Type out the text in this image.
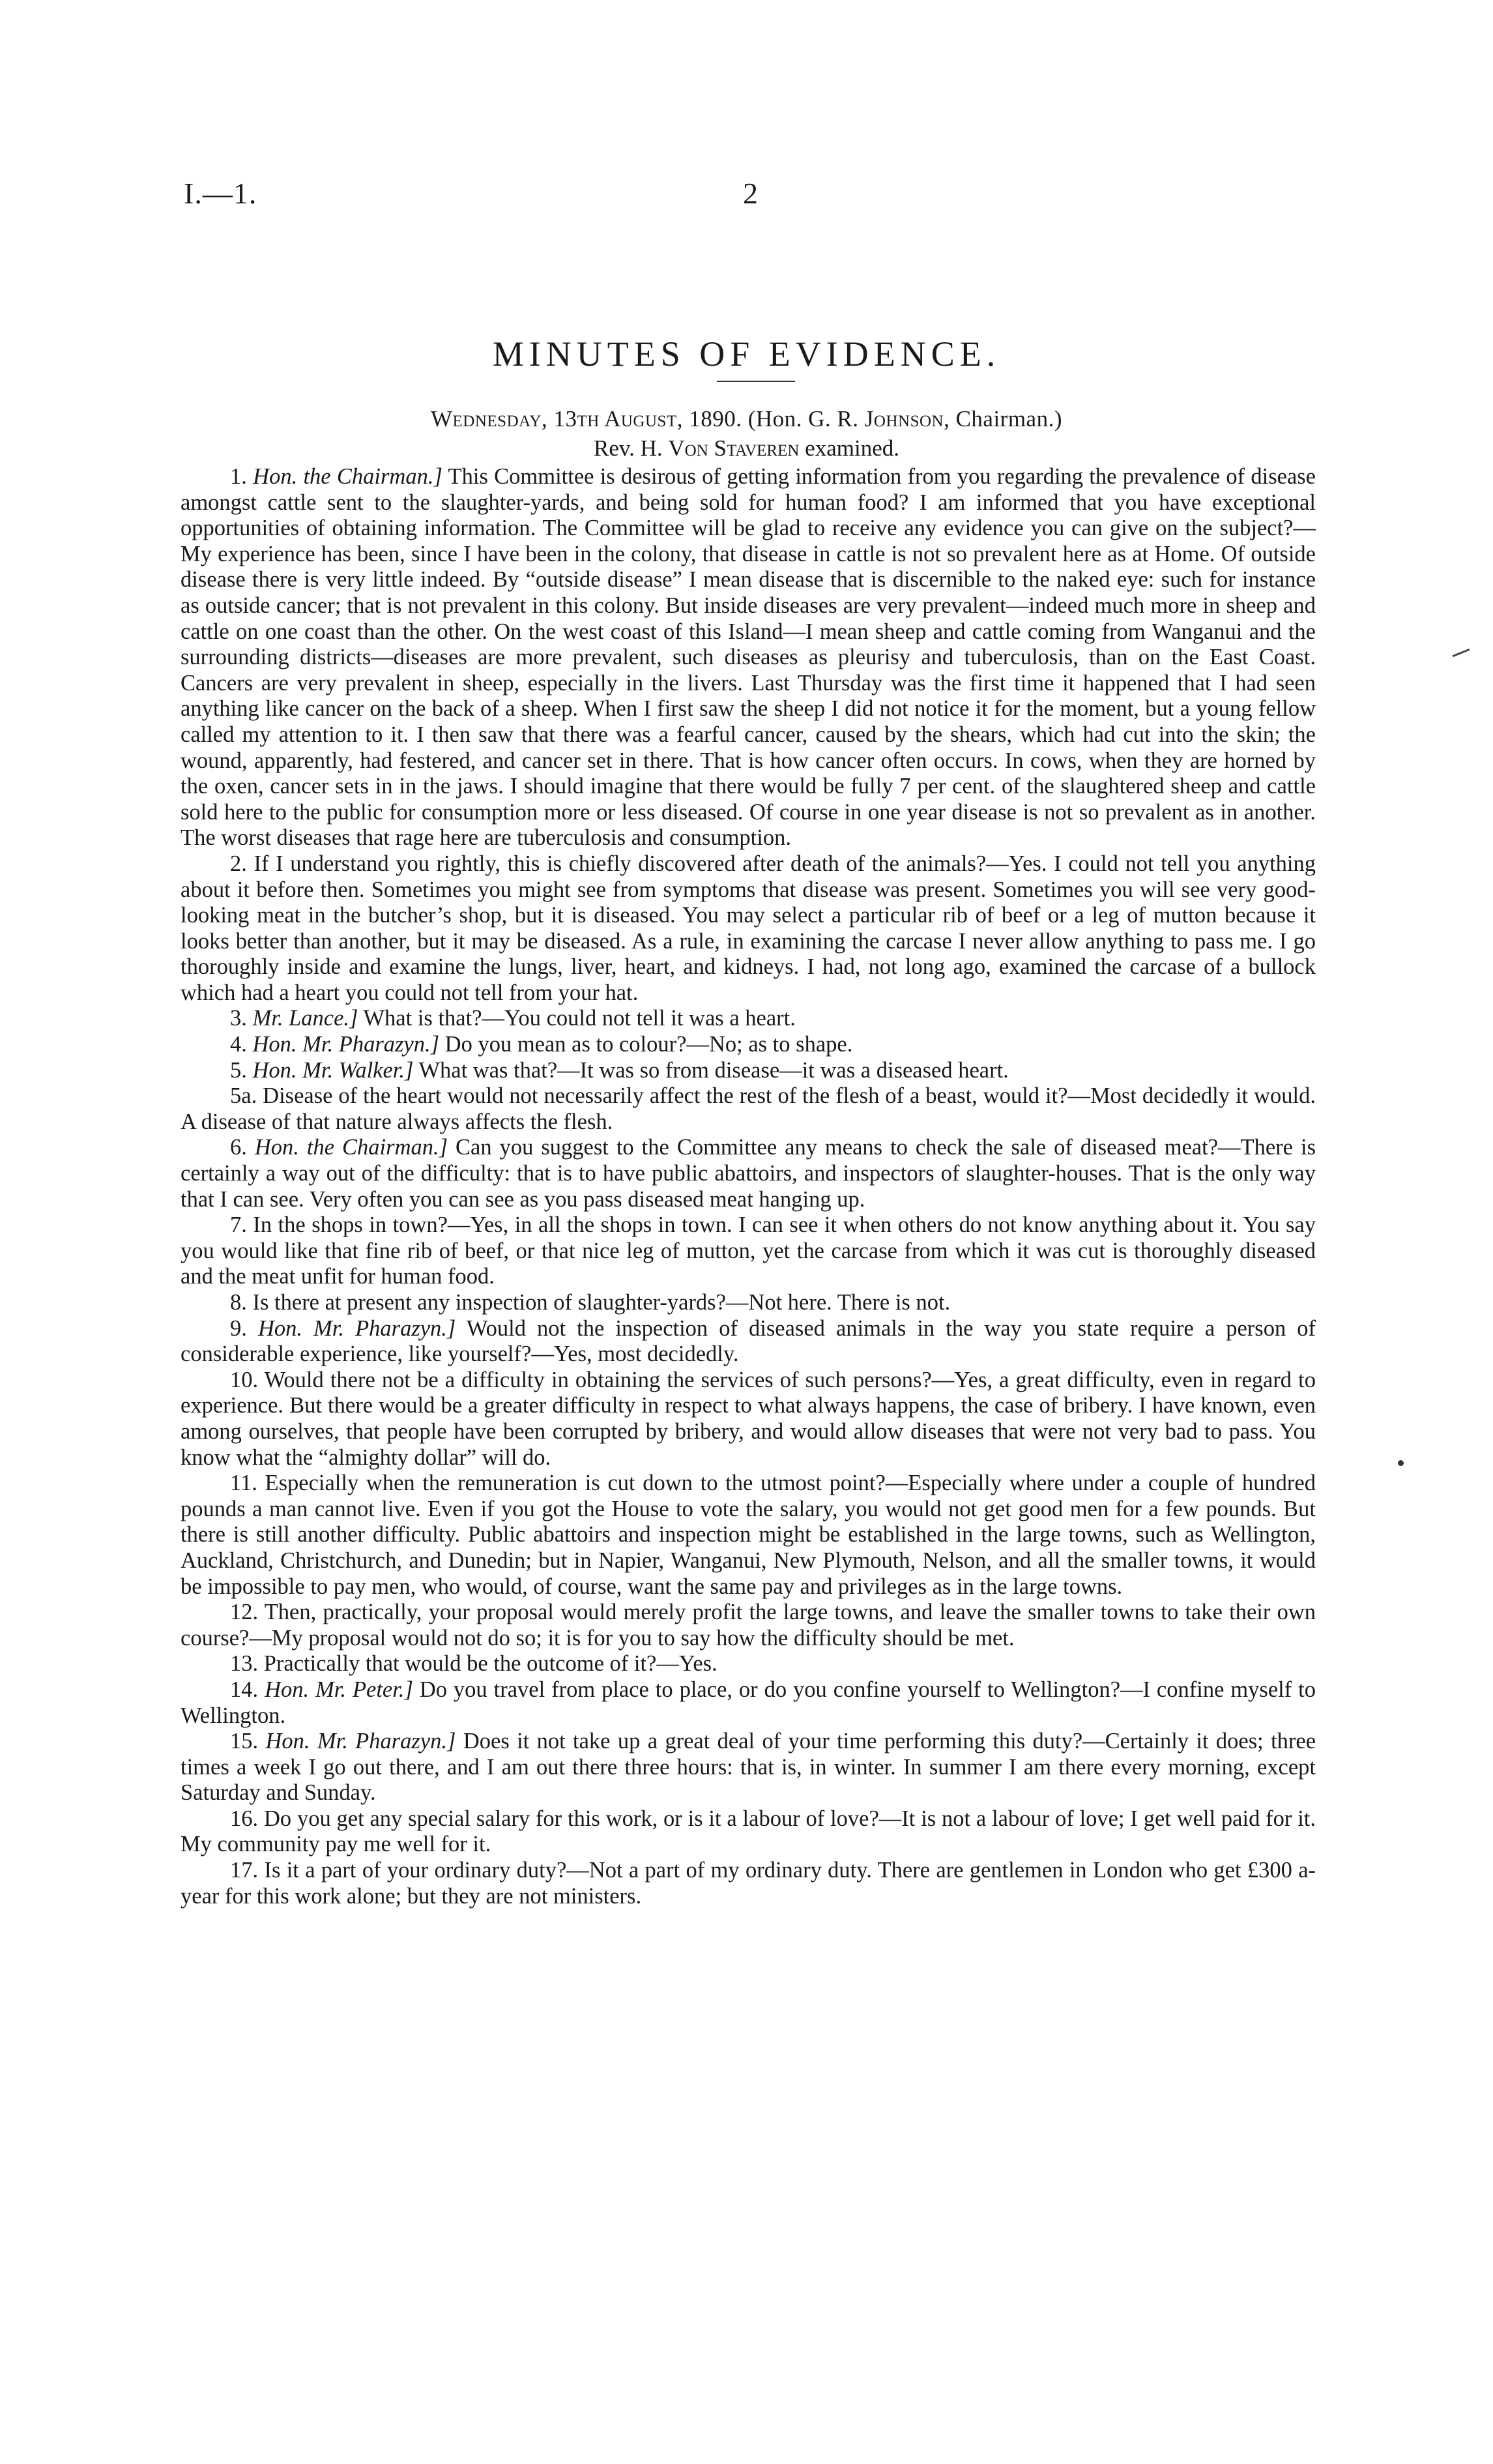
I.—1.	2
MINUTES OF EVIDENCE.
Wednesday, 13th August, 1890. (Hon. G. R. Johnson, Chairman.)
Rev. H. Von Staveren examined.

1. Hon. the Chairman.] This Committee is desirous of getting information from you regarding the prevalence of disease amongst cattle sent to the slaughter-yards, and being sold for human food? I am informed that you have exceptional opportunities of obtaining information. The Committee will be glad to receive any evidence you can give on the subject?—My experience has been, since I have been in the colony, that disease in cattle is not so prevalent here as at Home. Of outside disease there is very little indeed. By “outside disease” I mean disease that is discernible to the naked eye: such for instance as outside cancer; that is not prevalent in this colony. But inside diseases are very prevalent—indeed much more in sheep and cattle on one coast than the other. On the west coast of this Island—I mean sheep and cattle coming from Wanganui and the surrounding districts—diseases are more prevalent, such diseases as pleurisy and tuberculosis, than on the East Coast. Cancers are very prevalent in sheep, especially in the livers. Last Thursday was the first time it happened that I had seen anything like cancer on the back of a sheep. When I first saw the sheep I did not notice it for the moment, but a young fellow called my attention to it. I then saw that there was a fearful cancer, caused by the shears, which had cut into the skin; the wound, apparently, had festered, and cancer set in there. That is how cancer often occurs. In cows, when they are horned by the oxen, cancer sets in in the jaws. I should imagine that there would be fully 7 per cent. of the slaughtered sheep and cattle sold here to the public for consumption more or less diseased. Of course in one year disease is not so prevalent as in another. The worst diseases that rage here are tuberculosis and consumption.

2. If I understand you rightly, this is chiefly discovered after death of the animals?—Yes. I could not tell you anything about it before then. Sometimes you might see from symptoms that disease was present. Sometimes you will see very good-looking meat in the butcher’s shop, but it is diseased. You may select a particular rib of beef or a leg of mutton because it looks better than another, but it may be diseased. As a rule, in examining the carcase I never allow anything to pass me. I go thoroughly inside and examine the lungs, liver, heart, and kidneys. I had, not long ago, examined the carcase of a bullock which had a heart you could not tell from your hat.

3. Mr. Lance.] What is that?—You could not tell it was a heart.

4. Hon. Mr. Pharazyn.] Do you mean as to colour?—No; as to shape.

5. Hon. Mr. Walker.] What was that?—It was so from disease—it was a diseased heart.

5a. Disease of the heart would not necessarily affect the rest of the flesh of a beast, would it?—Most decidedly it would. A disease of that nature always affects the flesh.

6. Hon. the Chairman.] Can you suggest to the Committee any means to check the sale of diseased meat?—There is certainly a way out of the difficulty: that is to have public abattoirs, and inspectors of slaughter-houses. That is the only way that I can see. Very often you can see as you pass diseased meat hanging up.

7. In the shops in town?—Yes, in all the shops in town. I can see it when others do not know anything about it. You say you would like that fine rib of beef, or that nice leg of mutton, yet the carcase from which it was cut is thoroughly diseased and the meat unfit for human food.

8. Is there at present any inspection of slaughter-yards?—Not here. There is not.

9. Hon. Mr. Pharazyn.] Would not the inspection of diseased animals in the way you state require a person of considerable experience, like yourself?—Yes, most decidedly.

10. Would there not be a difficulty in obtaining the services of such persons?—Yes, a great difficulty, even in regard to experience. But there would be a greater difficulty in respect to what always happens, the case of bribery. I have known, even among ourselves, that people have been corrupted by bribery, and would allow diseases that were not very bad to pass. You know what the “almighty dollar” will do.

11. Especially when the remuneration is cut down to the utmost point?—Especially where under a couple of hundred pounds a man cannot live. Even if you got the House to vote the salary, you would not get good men for a few pounds. But there is still another difficulty. Public abattoirs and inspection might be established in the large towns, such as Wellington, Auckland, Christchurch, and Dunedin; but in Napier, Wanganui, New Plymouth, Nelson, and all the smaller towns, it would be impossible to pay men, who would, of course, want the same pay and privileges as in the large towns.

12. Then, practically, your proposal would merely profit the large towns, and leave the smaller towns to take their own course?—My proposal would not do so; it is for you to say how the difficulty should be met.

13. Practically that would be the outcome of it?—Yes.

14. Hon. Mr. Peter.] Do you travel from place to place, or do you confine yourself to Wellington?—I confine myself to Wellington.

15. Hon. Mr. Pharazyn.] Does it not take up a great deal of your time performing this duty?—Certainly it does; three times a week I go out there, and I am out there three hours: that is, in winter. In summer I am there every morning, except Saturday and Sunday.

16. Do you get any special salary for this work, or is it a labour of love?—It is not a labour of love; I get well paid for it. My community pay me well for it.

17. Is it a part of your ordinary duty?—Not a part of my ordinary duty. There are gentlemen in London who get £300 a-year for this work alone; but they are not ministers.
